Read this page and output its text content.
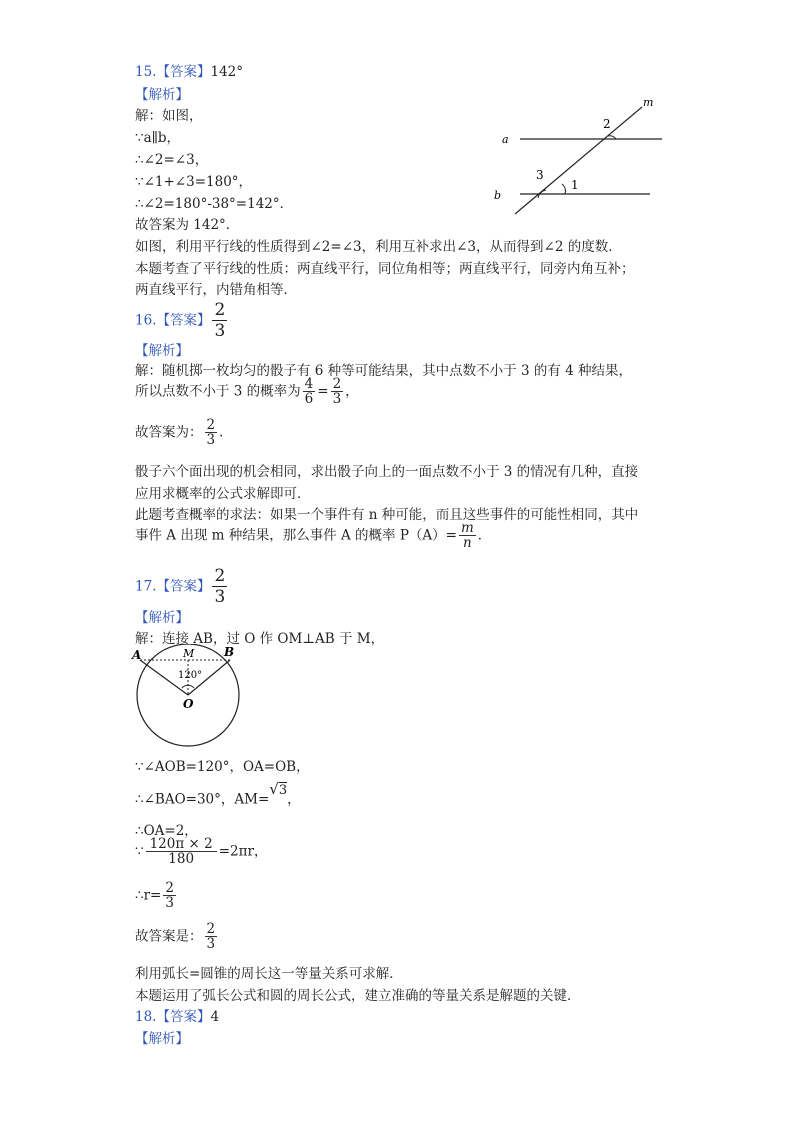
15.【答案】142°
【解析】
解：如图，
∵a∥b，
∴∠2=∠3，
∵∠1+∠3=180°，
∴∠2=180°-38°=142°．
故答案为 142°．
如图，利用平行线的性质得到∠2=∠3，利用互补求出∠3，从而得到∠2 的度数．
本题考查了平行线的性质：两直线平行，同位角相等；两直线平行，同旁内角互补；
两直线平行，内错角相等．
m
a
b
2
3
1
16.【答案】 $\frac{2}{3}$
【解析】
解：随机掷一枚均匀的骰子有 6 种等可能结果，其中点数不小于 3 的有 4 种结果，
所以点数不小于 3 的概率为 $\frac{4}{6} = \frac{2}{3}$ ，
故答案为： $\frac{2}{3}$ ．
骰子六个面出现的机会相同，求出骰子向上的一面点数不小于 3 的情况有几种，直接
应用求概率的公式求解即可．
此题考查概率的求法：如果一个事件有 n 种可能，而且这些事件的可能性相同，其中
事件 A 出现 m 种结果，那么事件 A 的概率 $P(A)= \frac{m}{n}$ ．
17.【答案】 $\frac{2}{3}$
【解析】
解：连接 AB，过 O 作 OM⊥AB 于 M，
A	B
M
120°
O
∵∠AOB=120°，OA=OB，
∴∠BAO=30°，AM=√3，
∴OA=2，
∵ $\frac{120\pi \times 2}{180} =2\pi r$，
∴r= $\frac{2}{3}$
故答案是： $\frac{2}{3}$
利用弧长=圆锥的周长这一等量关系可求解．
本题运用了弧长公式和圆的周长公式，建立准确的等量关系是解题的关键．
18.【答案】4
【解析】
